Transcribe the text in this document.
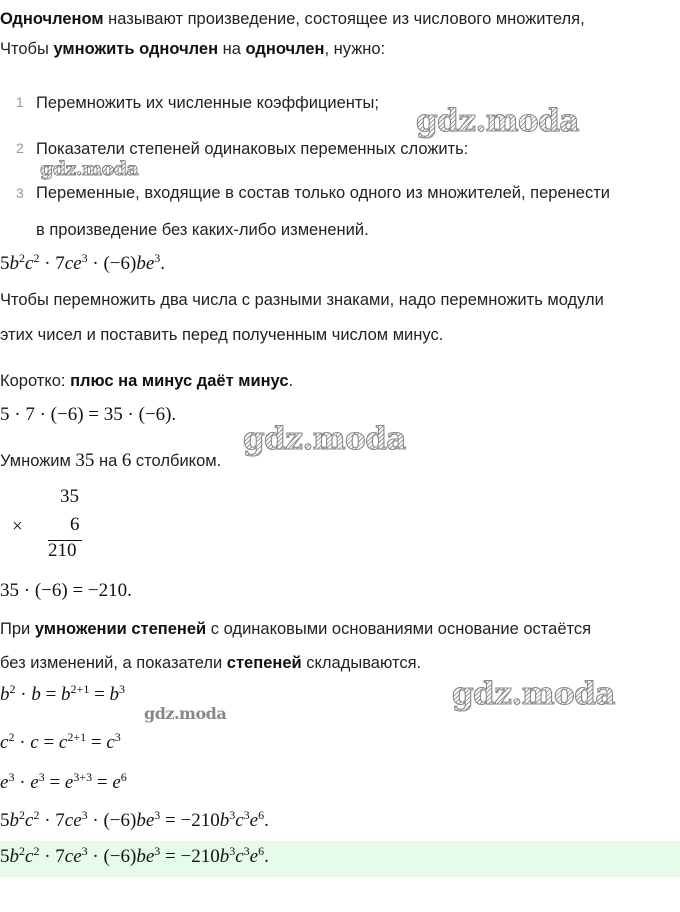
Одночленом называют произведение, состоящее из числового множителя,
Чтобы умножить одночлен на одночлен, нужно:
1 Перемножить их численные коэффициенты;
2 Показатели степеней одинаковых переменных сложить:
3 Переменные, входящие в состав только одного из множителей, перенести
в произведение без каких-либо изменений.
$5b^2c^2 \cdot 7ce^3 \cdot (-6)be^3$.
Чтобы перемножить два числа с разными знаками, надо перемножить модули
этих чисел и поставить перед полученным числом минус.
Коротко: плюс на минус даёт минус.
5 · 7 · (−6) = 35 · (−6).
Умножим 35 на 6 столбиком.
35
× 6
210
35 · (−6) = −210.
При умножении степеней с одинаковыми основаниями основание остаётся
без изменений, а показатели степеней складываются.
$b^2 \cdot b = b^{2+1} = b^3$
$c^2 \cdot c = c^{2+1} = c^3$
$e^3 \cdot e^3 = e^{3+3} = e^6$
$5b^2c^2 \cdot 7ce^3 \cdot (-6)be^3 = -210b^3c^3e^6$.
$5b^2c^2 \cdot 7ce^3 \cdot (-6)be^3 = -210b^3c^3e^6$.
gdz.moda
gdz.moda
gdz.moda
gdz.moda
gdz.moda
